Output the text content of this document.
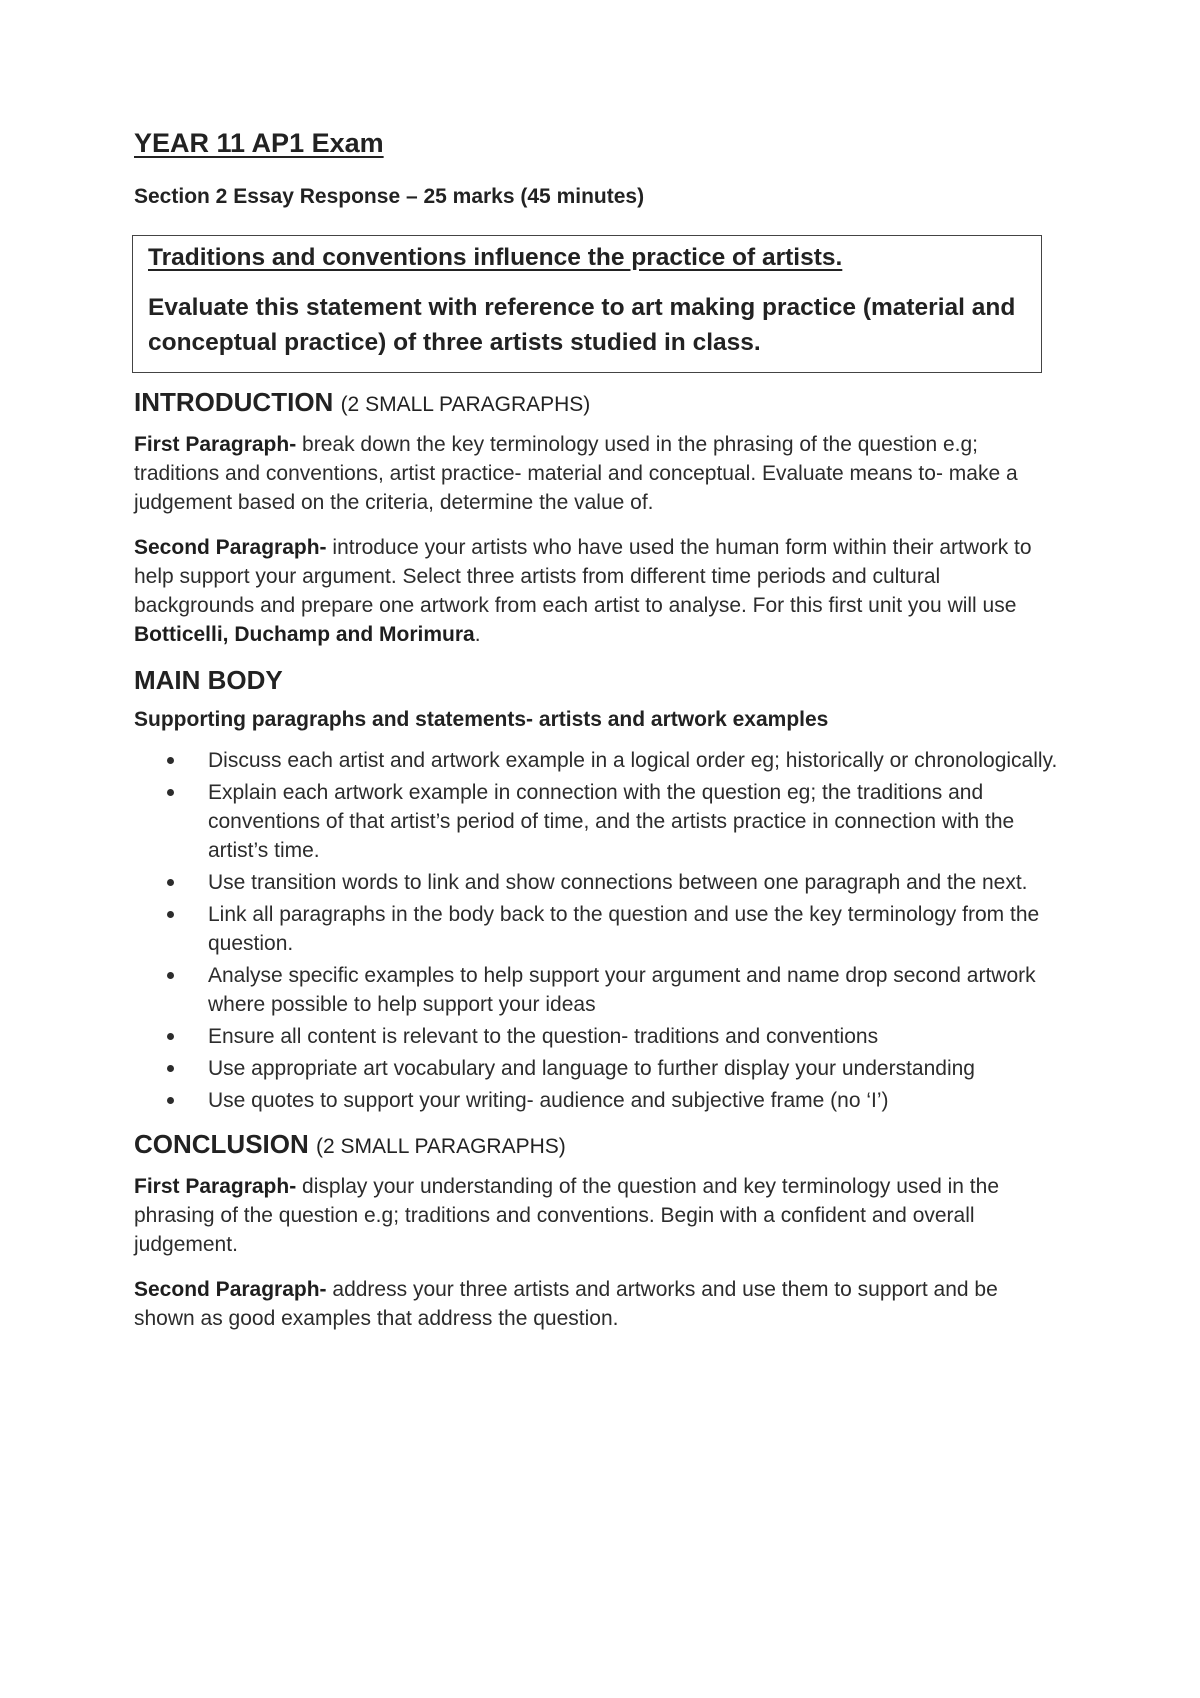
YEAR 11 AP1 Exam
Section 2 Essay Response – 25 marks (45 minutes)
Traditions and conventions influence the practice of artists.

Evaluate this statement with reference to art making practice (material and conceptual practice) of three artists studied in class.

INTRODUCTION (2 SMALL PARAGRAPHS)

First Paragraph- break down the key terminology used in the phrasing of the question e.g; traditions and conventions, artist practice- material and conceptual. Evaluate means to- make a judgement based on the criteria, determine the value of.

Second Paragraph- introduce your artists who have used the human form within their artwork to help support your argument. Select three artists from different time periods and cultural backgrounds and prepare one artwork from each artist to analyse. For this first unit you will use Botticelli, Duchamp and Morimura.

MAIN BODY
Supporting paragraphs and statements- artists and artwork examples
Discuss each artist and artwork example in a logical order eg; historically or chronologically.
Explain each artwork example in connection with the question eg; the traditions and conventions of that artist’s period of time, and the artists practice in connection with the artist’s time.
Use transition words to link and show connections between one paragraph and the next.
Link all paragraphs in the body back to the question and use the key terminology from the question.
Analyse specific examples to help support your argument and name drop second artwork where possible to help support your ideas
Ensure all content is relevant to the question- traditions and conventions
Use appropriate art vocabulary and language to further display your understanding
Use quotes to support your writing- audience and subjective frame (no ‘I’)
CONCLUSION (2 SMALL PARAGRAPHS)

First Paragraph- display your understanding of the question and key terminology used in the phrasing of the question e.g; traditions and conventions. Begin with a confident and overall judgement.

Second Paragraph- address your three artists and artworks and use them to support and be shown as good examples that address the question.
